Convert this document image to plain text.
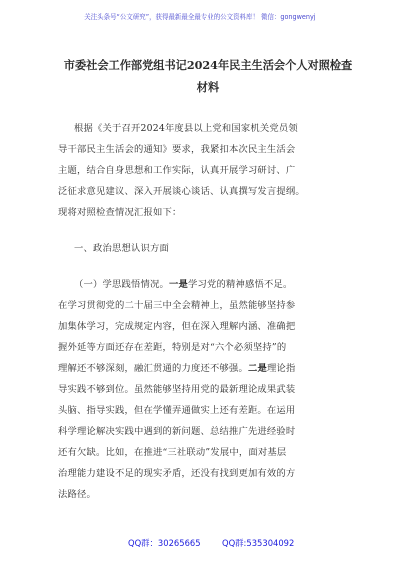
关注头条号“公文研究”，获得最新最全最专业的公文资料库！ 微信：gongwenyj
市委社会工作部党组书记2024年民主生活会个人对照检查
材料
根据《关于召开2024年度县以上党和国家机关党员领
导干部民主生活会的通知》要求，我紧扣本次民主生活会
主题，结合自身思想和工作实际，认真开展学习研讨、广
泛征求意见建议、深入开展谈心谈话、认真撰写发言提纲。
现将对照检查情况汇报如下：
一、政治思想认识方面
（一）学思践悟情况。一是学习党的精神感悟不足。
在学习贯彻党的二十届三中全会精神上，虽然能够坚持参
加集体学习，完成规定内容，但在深入理解内涵、准确把
握外延等方面还存在差距，特别是对“六个必须坚持”的
理解还不够深刻，融汇贯通的力度还不够强。二是理论指
导实践不够到位。虽然能够坚持用党的最新理论成果武装
头脑、指导实践，但在学懂弄通做实上还有差距。在运用
科学理论解决实践中遇到的新问题、总结推广先进经验时
还有欠缺。比如，在推进“三社联动”发展中，面对基层
治理能力建设不足的现实矛盾，还没有找到更加有效的方
法路径。
QQ群：30265665	QQ群:535304092
